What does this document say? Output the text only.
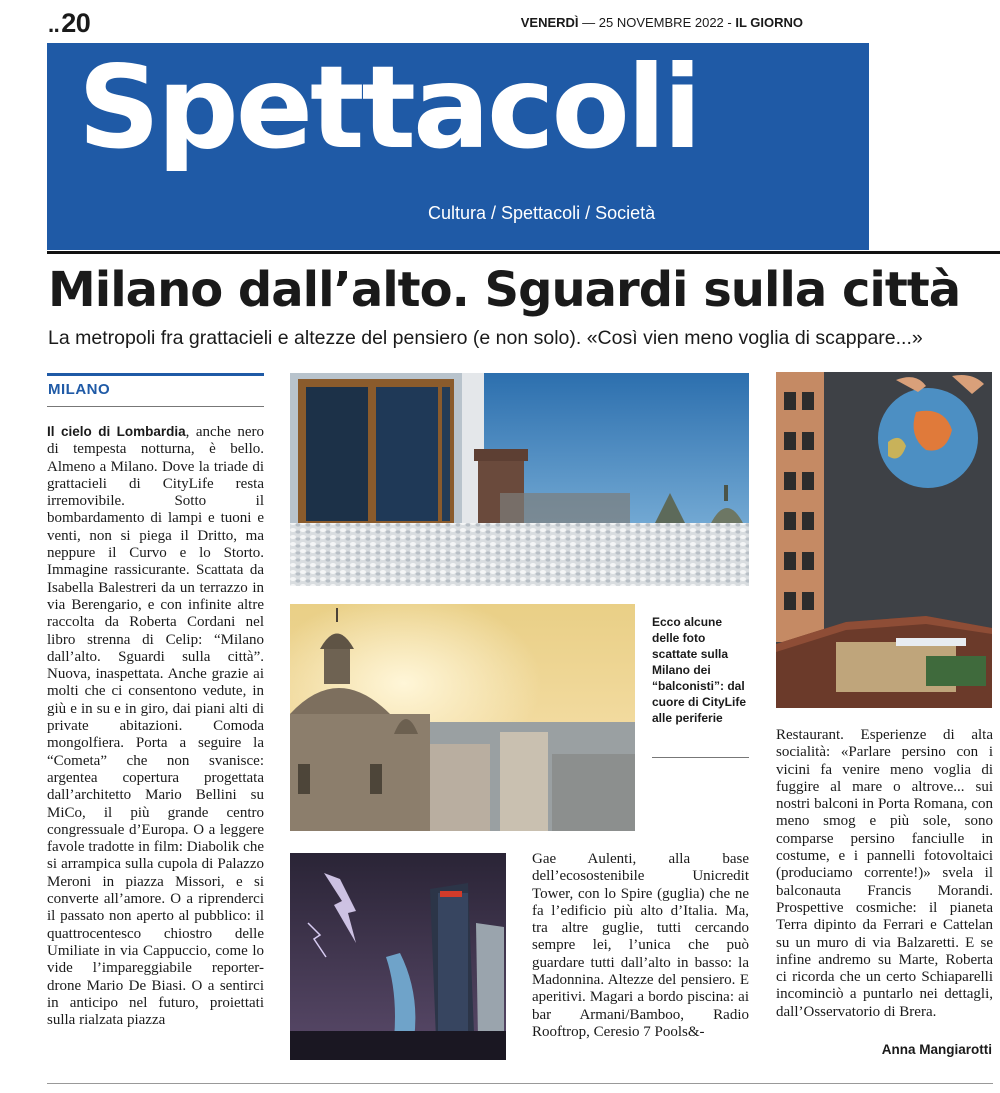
..20	VENERDÌ — 25 NOVEMBRE 2022 - IL GIORNO
Spettacoli
Cultura / Spettacoli / Società
Milano dall’alto. Sguardi sulla città
La metropoli fra grattacieli e altezze del pensiero (e non solo). «Così vien meno voglia di scappare...»
MILANO
Il cielo di Lombardia, anche nero di tempesta notturna, è bello. Almeno a Milano. Dove la triade di grattacieli di CityLife resta irremovibile. Sotto il bombardamento di lampi e tuoni e venti, non si piega il Dritto, ma neppure il Curvo e lo Storto. Immagine rassicurante. Scattata da Isabella Balestreri da un terrazzo in via Berengario, e con infinite altre raccolta da Roberta Cordani nel libro strenna di Celip: “Milano dall’alto. Sguardi sulla città”. Nuova, inaspettata. Anche grazie ai molti che ci consentono vedute, in giù e in su e in giro, dai piani alti di private abitazioni. Comoda mongolfiera. Porta a seguire la “Cometa” che non svanisce: argentea copertura progettata dall’architetto Mario Bellini su MiCo, il più grande centro congressuale d’Europa. O a leggere favole tradotte in film: Diabolik che si arrampica sulla cupola di Palazzo Meroni in piazza Missori, e si converte all’amore. O a riprenderci il passato non aperto al pubblico: il quattrocentesco chiostro delle Umiliate in via Cappuccio, come lo vide l’impareggiabile reporter-drone Mario De Biasi. O a sentirci in anticipo nel futuro, proiettati sulla rialzata piazza
Ecco alcune delle foto scattate sulla Milano dei “balconisti”: dal cuore di CityLife alle periferie
Gae Aulenti, alla base dell’ecosostenibile Unicredit Tower, con lo Spire (guglia) che ne fa l’edificio più alto d’Italia. Ma, tra altre guglie, tutti cercando sempre lei, l’unica che può guardare tutti dall’alto in basso: la Madonnina. Altezze del pensiero. E aperitivi. Magari a bordo piscina: ai bar Armani/Bamboo, Radio Rooftrop, Ceresio 7 Pools&-
Restaurant. Esperienze di alta socialità: «Parlare persino con i vicini fa venire meno voglia di fuggire al mare o altrove... sui nostri balconi in Porta Romana, con meno smog e più sole, sono comparse persino fanciulle in costume, e i pannelli fotovoltaici (produciamo corrente!)» svela il balconauta Francis Morandi. Prospettive cosmiche: il pianeta Terra dipinto da Ferrari e Cattelan su un muro di via Balzaretti. E se infine andremo su Marte, Roberta ci ricorda che un certo Schiaparelli incominciò a puntarlo nei dettagli, dall’Osservatorio di Brera.
Anna Mangiarotti
